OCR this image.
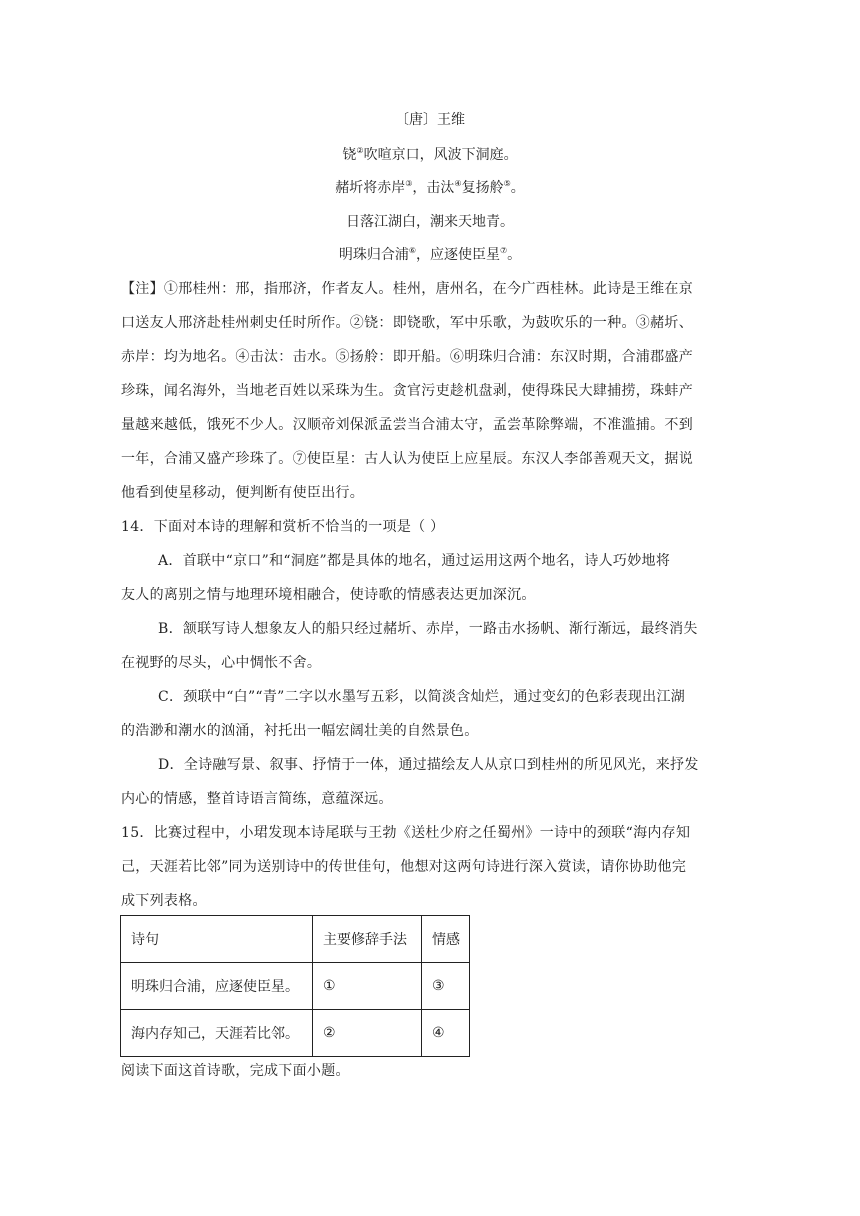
〔唐〕王维
铙②吹喧京口，风波下洞庭。
赭圻将赤岸③，击汰④复扬舲⑤。
日落江湖白，潮来天地青。
明珠归合浦⑥，应逐使臣星⑦。
【注】①邢桂州：邢，指邢济，作者友人。桂州，唐州名，在今广西桂林。此诗是王维在京
口送友人邢济赴桂州刺史任时所作。②铙：即铙歌，军中乐歌，为鼓吹乐的一种。③赭圻、
赤岸：均为地名。④击汰：击水。⑤扬舲：即开船。⑥明珠归合浦：东汉时期，合浦郡盛产
珍珠，闻名海外，当地老百姓以采珠为生。贪官污吏趁机盘剥，使得珠民大肆捕捞，珠蚌产
量越来越低，饿死不少人。汉顺帝刘保派孟尝当合浦太守，孟尝革除弊端，不准滥捕。不到
一年，合浦又盛产珍珠了。⑦使臣星：古人认为使臣上应星辰。东汉人李郃善观天文，据说
他看到使星移动，便判断有使臣出行。
14．下面对本诗的理解和赏析不恰当的一项是（ ）
A．首联中“京口”和“洞庭”都是具体的地名，通过运用这两个地名，诗人巧妙地将
友人的离别之情与地理环境相融合，使诗歌的情感表达更加深沉。
B．颔联写诗人想象友人的船只经过赭圻、赤岸，一路击水扬帆、渐行渐远，最终消失
在视野的尽头，心中惆怅不舍。
C．颈联中“白”“青”二字以水墨写五彩，以简淡含灿烂，通过变幻的色彩表现出江湖
的浩渺和潮水的汹涌，衬托出一幅宏阔壮美的自然景色。
D．全诗融写景、叙事、抒情于一体，通过描绘友人从京口到桂州的所见风光，来抒发
内心的情感，整首诗语言简练，意蕴深远。
15．比赛过程中，小珺发现本诗尾联与王勃《送杜少府之任蜀州》一诗中的颈联“海内存知
己，天涯若比邻”同为送别诗中的传世佳句，他想对这两句诗进行深入赏读，请你协助他完
成下列表格。
诗句	主要修辞手法	情感
明珠归合浦，应逐使臣星。	①	③
海内存知己，天涯若比邻。	②	④
阅读下面这首诗歌，完成下面小题。
